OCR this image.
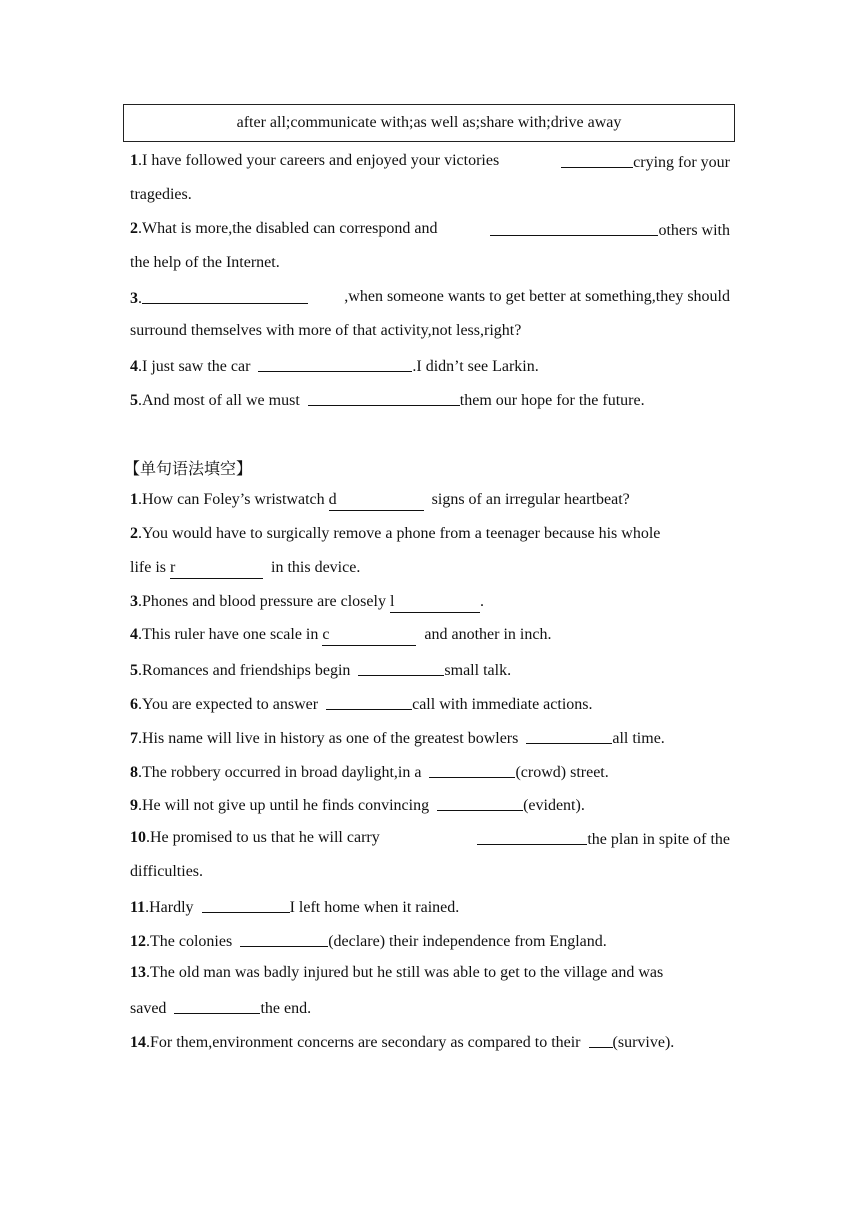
after all;communicate with;as well as;share with;drive away
1.I have followed your careers and enjoyed your victories	crying for your
tragedies.
2.What is more,the disabled can correspond and	others with
the help of the Internet.
3.	,when someone wants to get better at something,they should
surround themselves with more of that activity,not less,right?
4.I just saw the car	.I didn’t see Larkin.
5.And most of all we must	them our hope for the future.
【单句语法填空】
1.How can Foley’s wristwatch d	signs of an irregular heartbeat?
2.You would have to surgically remove a phone from a teenager because his whole
life is r	in this device.
3.Phones and blood pressure are closely l	.
4.This ruler have one scale in c	and another in inch.
5.Romances and friendships begin	small talk.
6.You are expected to answer	call with immediate actions.
7.His name will live in history as one of the greatest bowlers	all time.
8.The robbery occurred in broad daylight,in a	(crowd) street.
9.He will not give up until he finds convincing	(evident).
10.He promised to us that he will carry	the plan in spite of the
difficulties.
11.Hardly	I left home when it rained.
12.The colonies	(declare) their independence from England.
13.The old man was badly injured but he still was able to get to the village and was
saved	the end.
14.For them,environment concerns are secondary as compared to their (survive).
